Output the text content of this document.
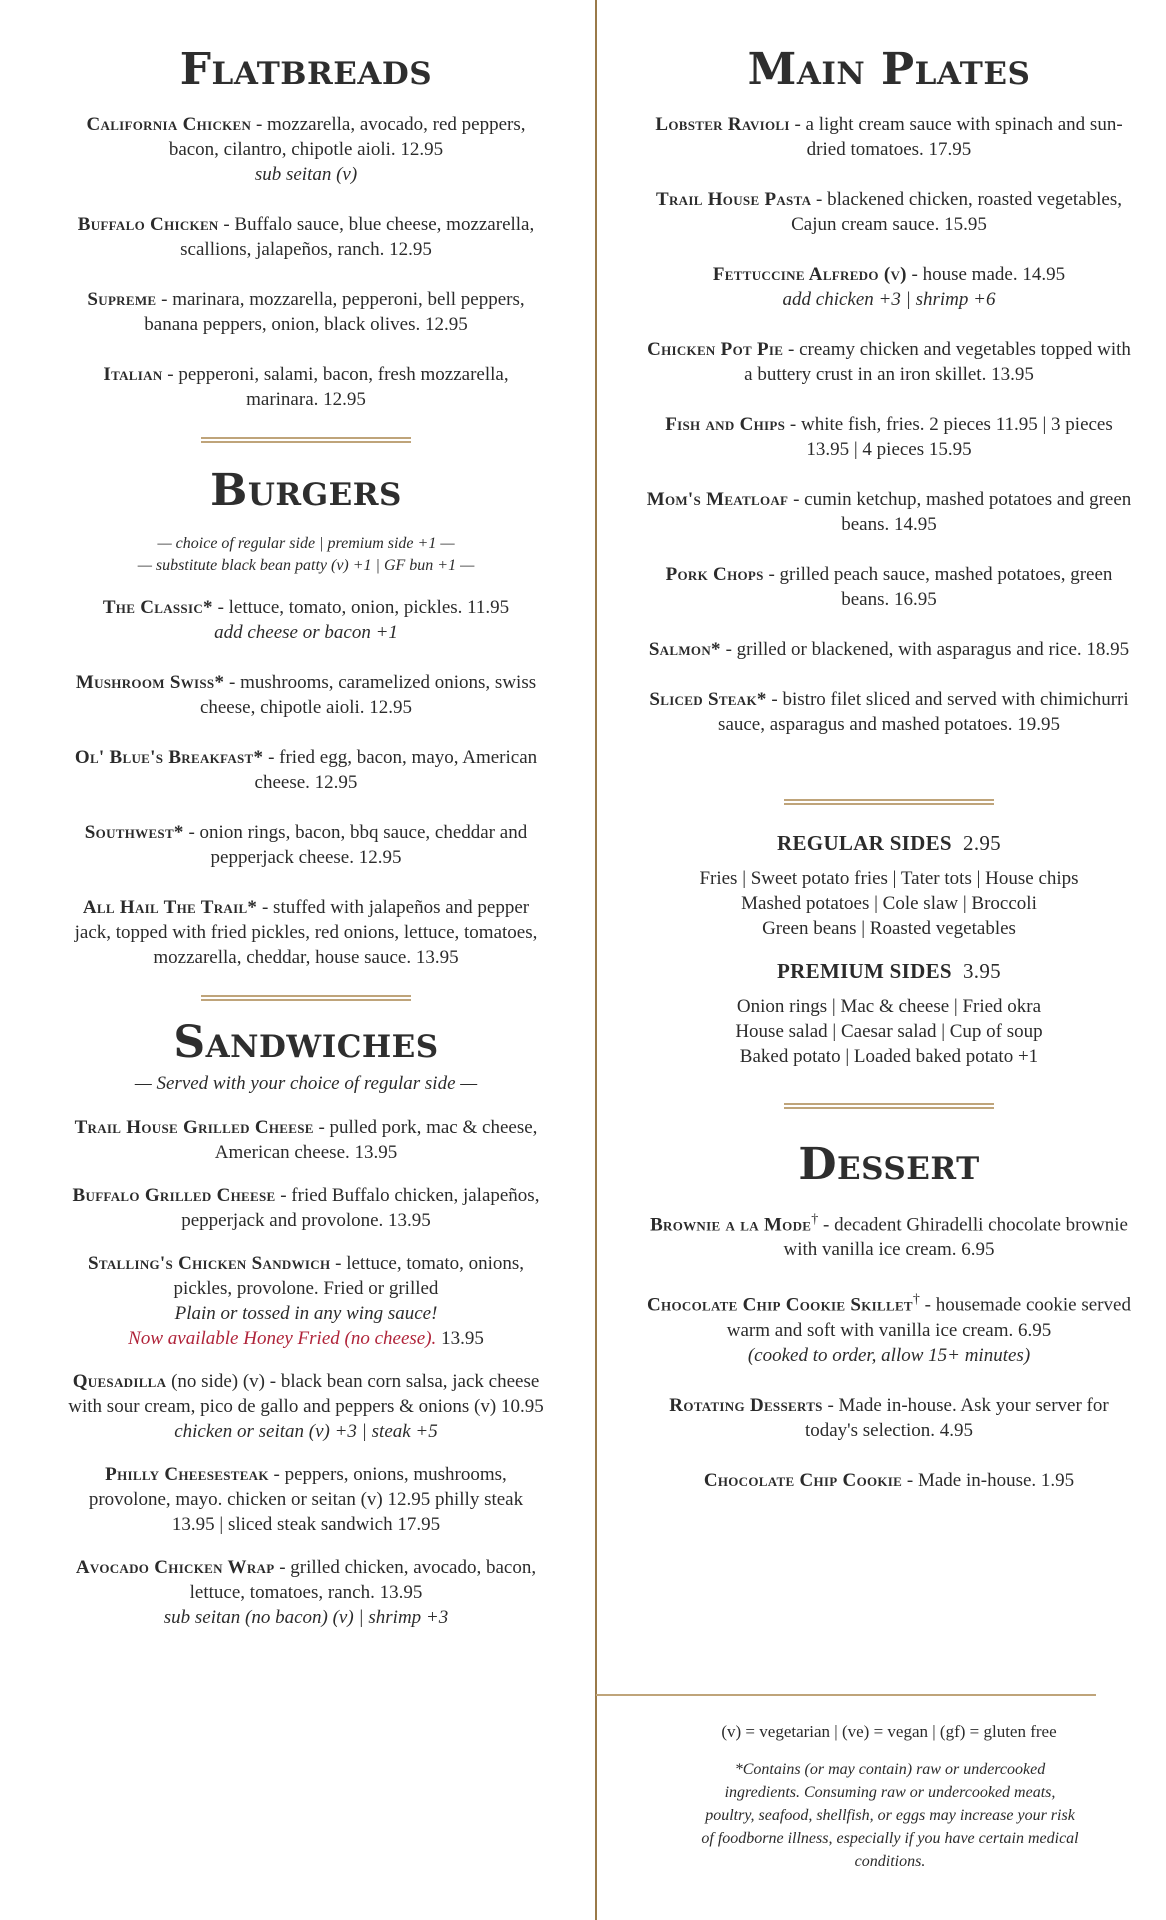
Flatbreads
California Chicken - mozzarella, avocado, red peppers, bacon, cilantro, chipotle aioli. 12.95
sub seitan (v)
Buffalo Chicken - Buffalo sauce, blue cheese, mozzarella, scallions, jalapeños, ranch. 12.95
Supreme - marinara, mozzarella, pepperoni, bell peppers, banana peppers, onion, black olives. 12.95
Italian - pepperoni, salami, bacon, fresh mozzarella, marinara. 12.95
Burgers
— choice of regular side | premium side +1 —
— substitute black bean patty (v) +1 | GF bun +1 —
The Classic* - lettuce, tomato, onion, pickles. 11.95
add cheese or bacon +1
Mushroom Swiss* - mushrooms, caramelized onions, swiss cheese, chipotle aioli. 12.95
Ol' Blue's Breakfast* - fried egg, bacon, mayo, American cheese. 12.95
Southwest* - onion rings, bacon, bbq sauce, cheddar and pepperjack cheese. 12.95
All Hail The Trail* - stuffed with jalapeños and pepper jack, topped with fried pickles, red onions, lettuce, tomatoes, mozzarella, cheddar, house sauce. 13.95
Sandwiches
— Served with your choice of regular side —
Trail House Grilled Cheese - pulled pork, mac & cheese, American cheese. 13.95
Buffalo Grilled Cheese - fried Buffalo chicken, jalapeños, pepperjack and provolone. 13.95
Stalling's Chicken Sandwich - lettuce, tomato, onions, pickles, provolone. Fried or grilled
Plain or tossed in any wing sauce!
Now available Honey Fried (no cheese). 13.95
Quesadilla (no side) (v) - black bean corn salsa, jack cheese with sour cream, pico de gallo and peppers & onions (v) 10.95
chicken or seitan (v) +3 | steak +5
Philly Cheesesteak - peppers, onions, mushrooms, provolone, mayo. chicken or seitan (v) 12.95 philly steak 13.95 | sliced steak sandwich 17.95
Avocado Chicken Wrap - grilled chicken, avocado, bacon, lettuce, tomatoes, ranch. 13.95
sub seitan (no bacon) (v) | shrimp +3
Main Plates
Lobster Ravioli - a light cream sauce with spinach and sun-dried tomatoes. 17.95
Trail House Pasta - blackened chicken, roasted vegetables, Cajun cream sauce. 15.95
Fettuccine Alfredo (v) - house made. 14.95
add chicken +3 | shrimp +6
Chicken Pot Pie - creamy chicken and vegetables topped with a buttery crust in an iron skillet. 13.95
Fish and Chips - white fish, fries. 2 pieces 11.95 | 3 pieces 13.95 | 4 pieces 15.95
Mom's Meatloaf - cumin ketchup, mashed potatoes and green beans. 14.95
Pork Chops - grilled peach sauce, mashed potatoes, green beans. 16.95
Salmon* - grilled or blackened, with asparagus and rice. 18.95
Sliced Steak* - bistro filet sliced and served with chimichurri sauce, asparagus and mashed potatoes. 19.95
REGULAR SIDES 2.95
Fries | Sweet potato fries | Tater tots | House chips
Mashed potatoes | Cole slaw | Broccoli
Green beans | Roasted vegetables
PREMIUM SIDES 3.95
Onion rings | Mac & cheese | Fried okra
House salad | Caesar salad | Cup of soup
Baked potato | Loaded baked potato +1
Dessert
Brownie a la Mode† - decadent Ghiradelli chocolate brownie with vanilla ice cream. 6.95
Chocolate Chip Cookie Skillet† - housemade cookie served warm and soft with vanilla ice cream. 6.95
(cooked to order, allow 15+ minutes)
Rotating Desserts - Made in-house. Ask your server for today's selection. 4.95
Chocolate Chip Cookie - Made in-house. 1.95
(v) = vegetarian | (ve) = vegan | (gf) = gluten free
*Contains (or may contain) raw or undercooked ingredients. Consuming raw or undercooked meats, poultry, seafood, shellfish, or eggs may increase your risk of foodborne illness, especially if you have certain medical conditions.
